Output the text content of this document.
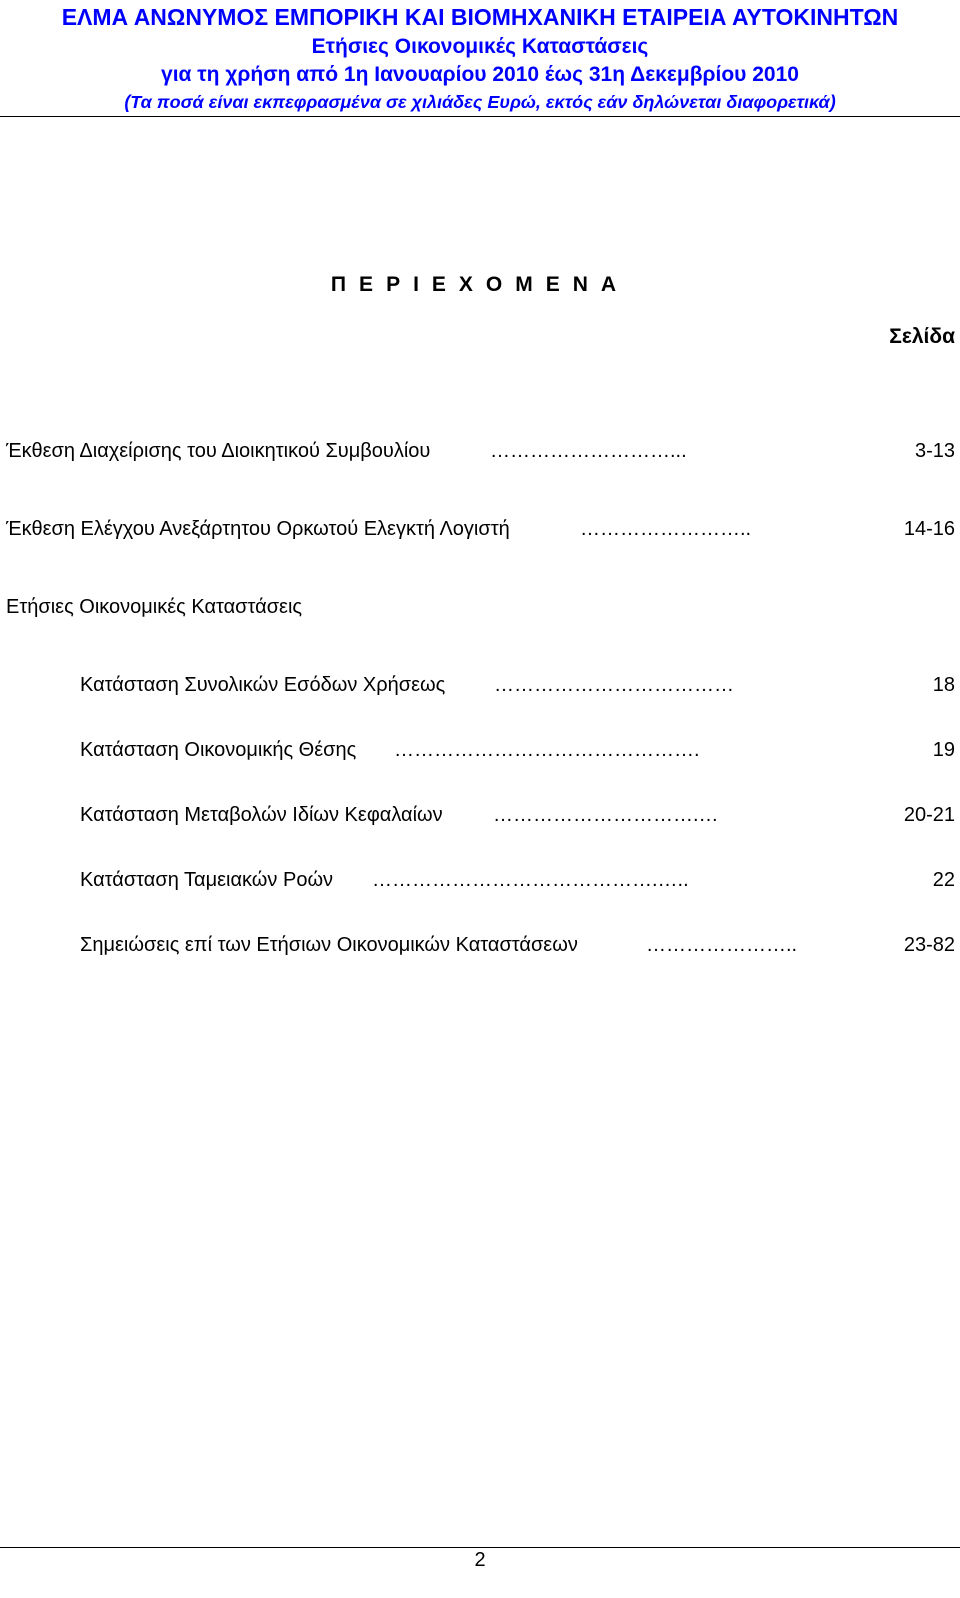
ΕΛΜΑ ΑΝΩΝΥΜΟΣ ΕΜΠΟΡΙΚΗ ΚΑΙ ΒΙΟΜΗΧΑΝΙΚΗ ΕΤΑΙΡΕΙΑ ΑΥΤΟΚΙΝΗΤΩΝ
Ετήσιες Οικονομικές Καταστάσεις
για τη χρήση από 1η Ιανουαρίου 2010 έως 31η Δεκεμβρίου 2010
(Τα ποσά είναι εκπεφρασμένα σε χιλιάδες Ευρώ, εκτός εάν δηλώνεται διαφορετικά)
ΠΕΡΙΕΧΟΜΕΝΑ
Σελίδα
Έκθεση Διαχείρισης του Διοικητικού Συμβουλίου	………………………...	3-13
Έκθεση Ελέγχου Ανεξάρτητου Ορκωτού Ελεγκτή Λογιστή	……………………..	14-16
Ετήσιες Οικονομικές Καταστάσεις
Κατάσταση Συνολικών Εσόδων Χρήσεως ………………………………	18
Κατάσταση Οικονομικής Θέσης ……………………………………….	19
Κατάσταση Μεταβολών Ιδίων Κεφαλαίων	………………………….…	20-21
Κατάσταση Ταμειακών Ροών …………………………………….…..	22
Σημειώσεις επί των Ετήσιων Οικονομικών Καταστάσεων	…………………..	23-82
2
